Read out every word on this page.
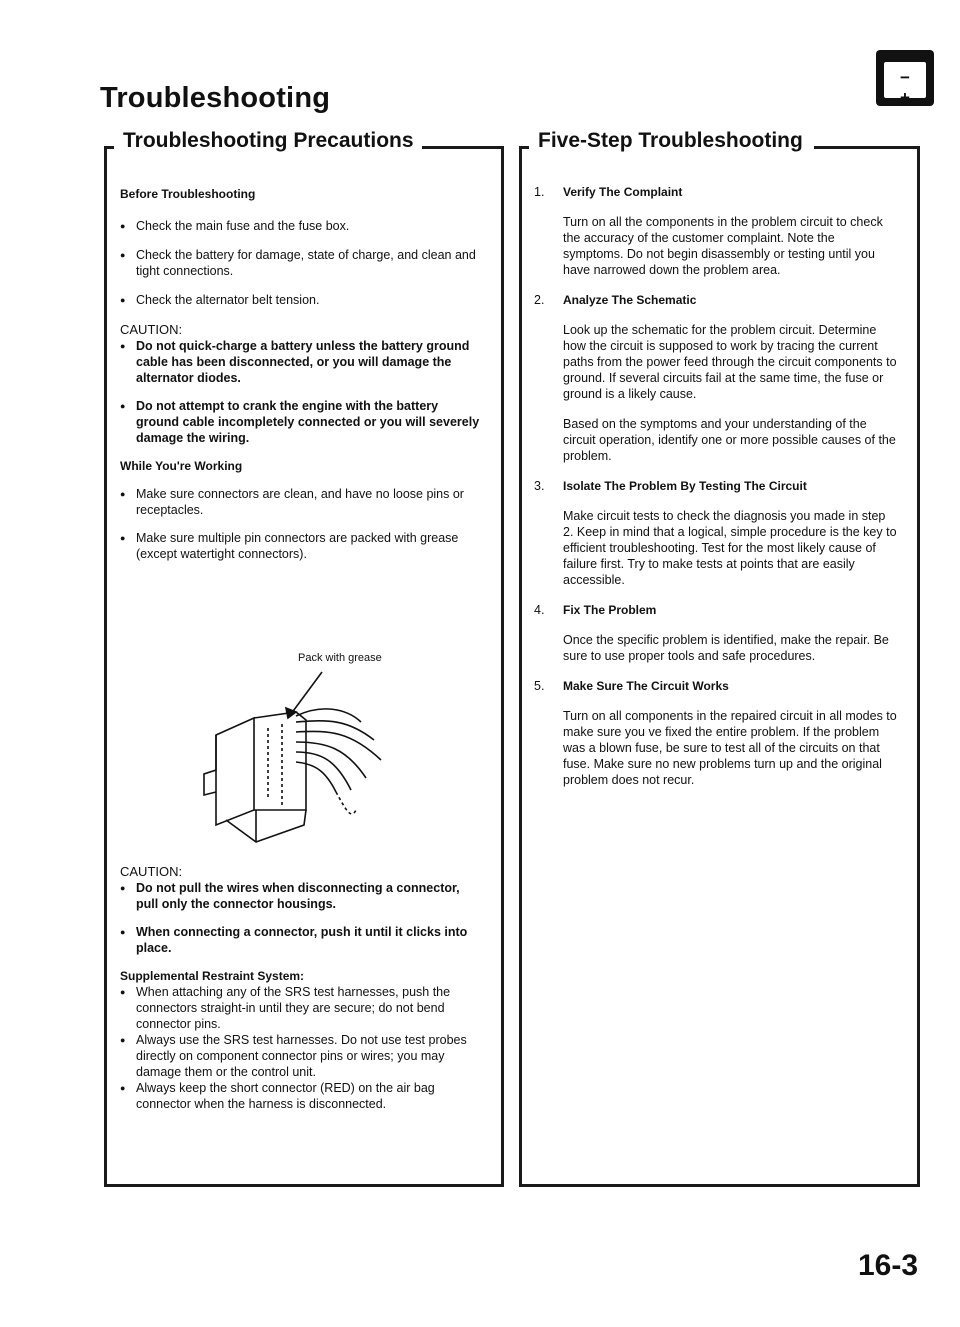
Troubleshooting
− +
Troubleshooting Precautions

Before Troubleshooting

● Check the main fuse and the fuse box.

● Check the battery for damage, state of charge, and clean and tight connections.

● Check the alternator belt tension.

CAUTION:

● Do not quick-charge a battery unless the battery ground cable has been disconnected, or you will damage the alternator diodes.

● Do not attempt to crank the engine with the battery ground cable incompletely connected or you will severely damage the wiring.

While You're Working

● Make sure connectors are clean, and have no loose pins or receptacles.

● Make sure multiple pin connectors are packed with grease (except watertight connectors).

Pack with grease

CAUTION:

● Do not pull the wires when disconnecting a connector, pull only the connector housings.

● When connecting a connector, push it until it clicks into place.

Supplemental Restraint System:

● When attaching any of the SRS test harnesses, push the connectors straight-in until they are secure; do not bend connector pins.

● Always use the SRS test harnesses. Do not use test probes directly on component connector pins or wires; you may damage them or the control unit.

● Always keep the short connector (RED) on the air bag connector when the harness is disconnected.

Five-Step Troubleshooting
1. Verify The Complaint

Turn on all the components in the problem circuit to check the accuracy of the customer complaint. Note the symptoms. Do not begin disassembly or testing until you have narrowed down the problem area.

2. Analyze The Schematic

Look up the schematic for the problem circuit. Determine how the circuit is supposed to work by tracing the current paths from the power feed through the circuit components to ground. If several circuits fail at the same time, the fuse or ground is a likely cause.

Based on the symptoms and your understanding of the circuit operation, identify one or more possible causes of the problem.

3. Isolate The Problem By Testing The Circuit

Make circuit tests to check the diagnosis you made in step 2. Keep in mind that a logical, simple procedure is the key to efficient troubleshooting. Test for the most likely cause of failure first. Try to make tests at points that are easily accessible.

4. Fix The Problem

Once the specific problem is identified, make the repair. Be sure to use proper tools and safe procedures.

5. Make Sure The Circuit Works

Turn on all components in the repaired circuit in all modes to make sure you ve fixed the entire problem. If the problem was a blown fuse, be sure to test all of the circuits on that fuse. Make sure no new problems turn up and the original problem does not recur.

16-3
